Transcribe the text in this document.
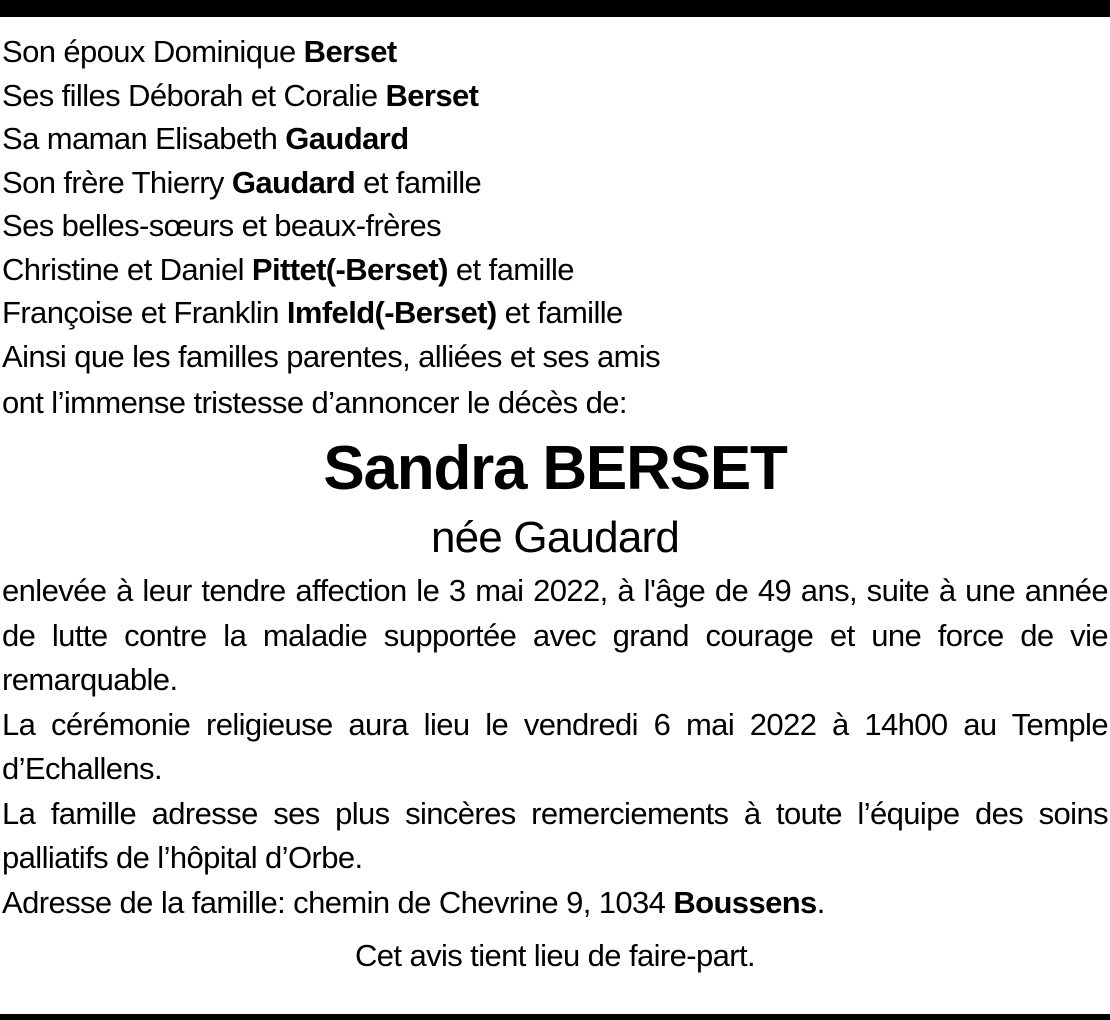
Son époux Dominique Berset
Ses filles Déborah et Coralie Berset
Sa maman Elisabeth Gaudard
Son frère Thierry Gaudard et famille
Ses belles-sœurs et beaux-frères
Christine et Daniel Pittet(-Berset) et famille
Françoise et Franklin Imfeld(-Berset) et famille
Ainsi que les familles parentes, alliées et ses amis
ont l’immense tristesse d’annoncer le décès de:
Sandra BERSET
née Gaudard

enlevée à leur tendre affection le 3 mai 2022, à l'âge de 49 ans, suite à une année de lutte contre la maladie supportée avec grand courage et une force de vie remarquable.

La cérémonie religieuse aura lieu le vendredi 6 mai 2022 à 14h00 au Temple d’Echallens.

La famille adresse ses plus sincères remerciements à toute l’équipe des soins palliatifs de l’hôpital d’Orbe.

Adresse de la famille: chemin de Chevrine 9, 1034 Boussens.

Cet avis tient lieu de faire-part.
